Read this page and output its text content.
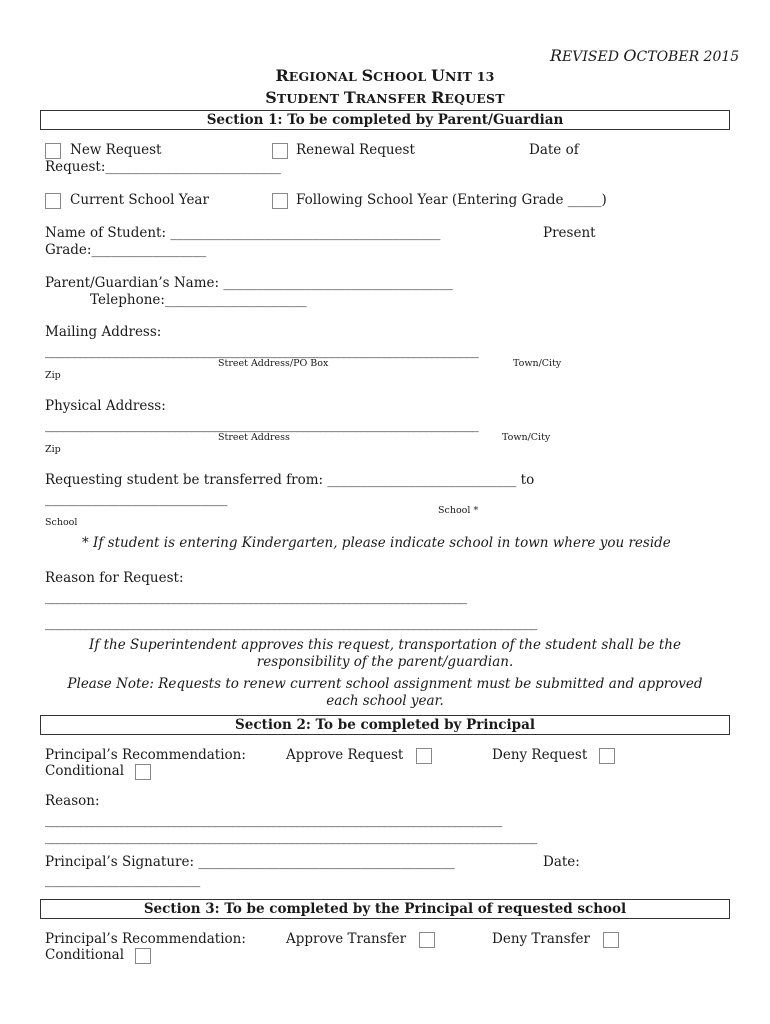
REVISED OCTOBER 2015
REGIONAL SCHOOL UNIT 13
STUDENT TRANSFER REQUEST
Section 1: To be completed by Parent/Guardian
New Request	Renewal Request	Date of
Request:__________________________
Current School Year	Following School Year (Entering Grade _____)
Name of Student: ________________________________________	Present
Grade:_________________
Parent/Guardian’s Name: __________________________________
Telephone:_____________________
Mailing Address:
__________________________________________________________________________
Street Address/PO Box	Town/City
Zip
Physical Address:
__________________________________________________________________________
Street Address	Town/City
Zip
Requesting student be transferred from: ____________________________ to
___________________________
School *
School
* If student is entering Kindergarten, please indicate school in town where you reside
Reason for Request:
________________________________________________________________________
____________________________________________________________________________________
If the Superintendent approves this request, transportation of the student shall be the responsibility of the parent/guardian.
Please Note: Requests to renew current school assignment must be submitted and approved each school year.
Section 2: To be completed by Principal
Principal’s Recommendation:	Approve Request	Deny Request
Conditional
Reason:
______________________________________________________________________________
____________________________________________________________________________________
Principal’s Signature: ______________________________________	Date:
_______________________
Section 3: To be completed by the Principal of requested school
Principal’s Recommendation:	Approve Transfer	Deny Transfer
Conditional
